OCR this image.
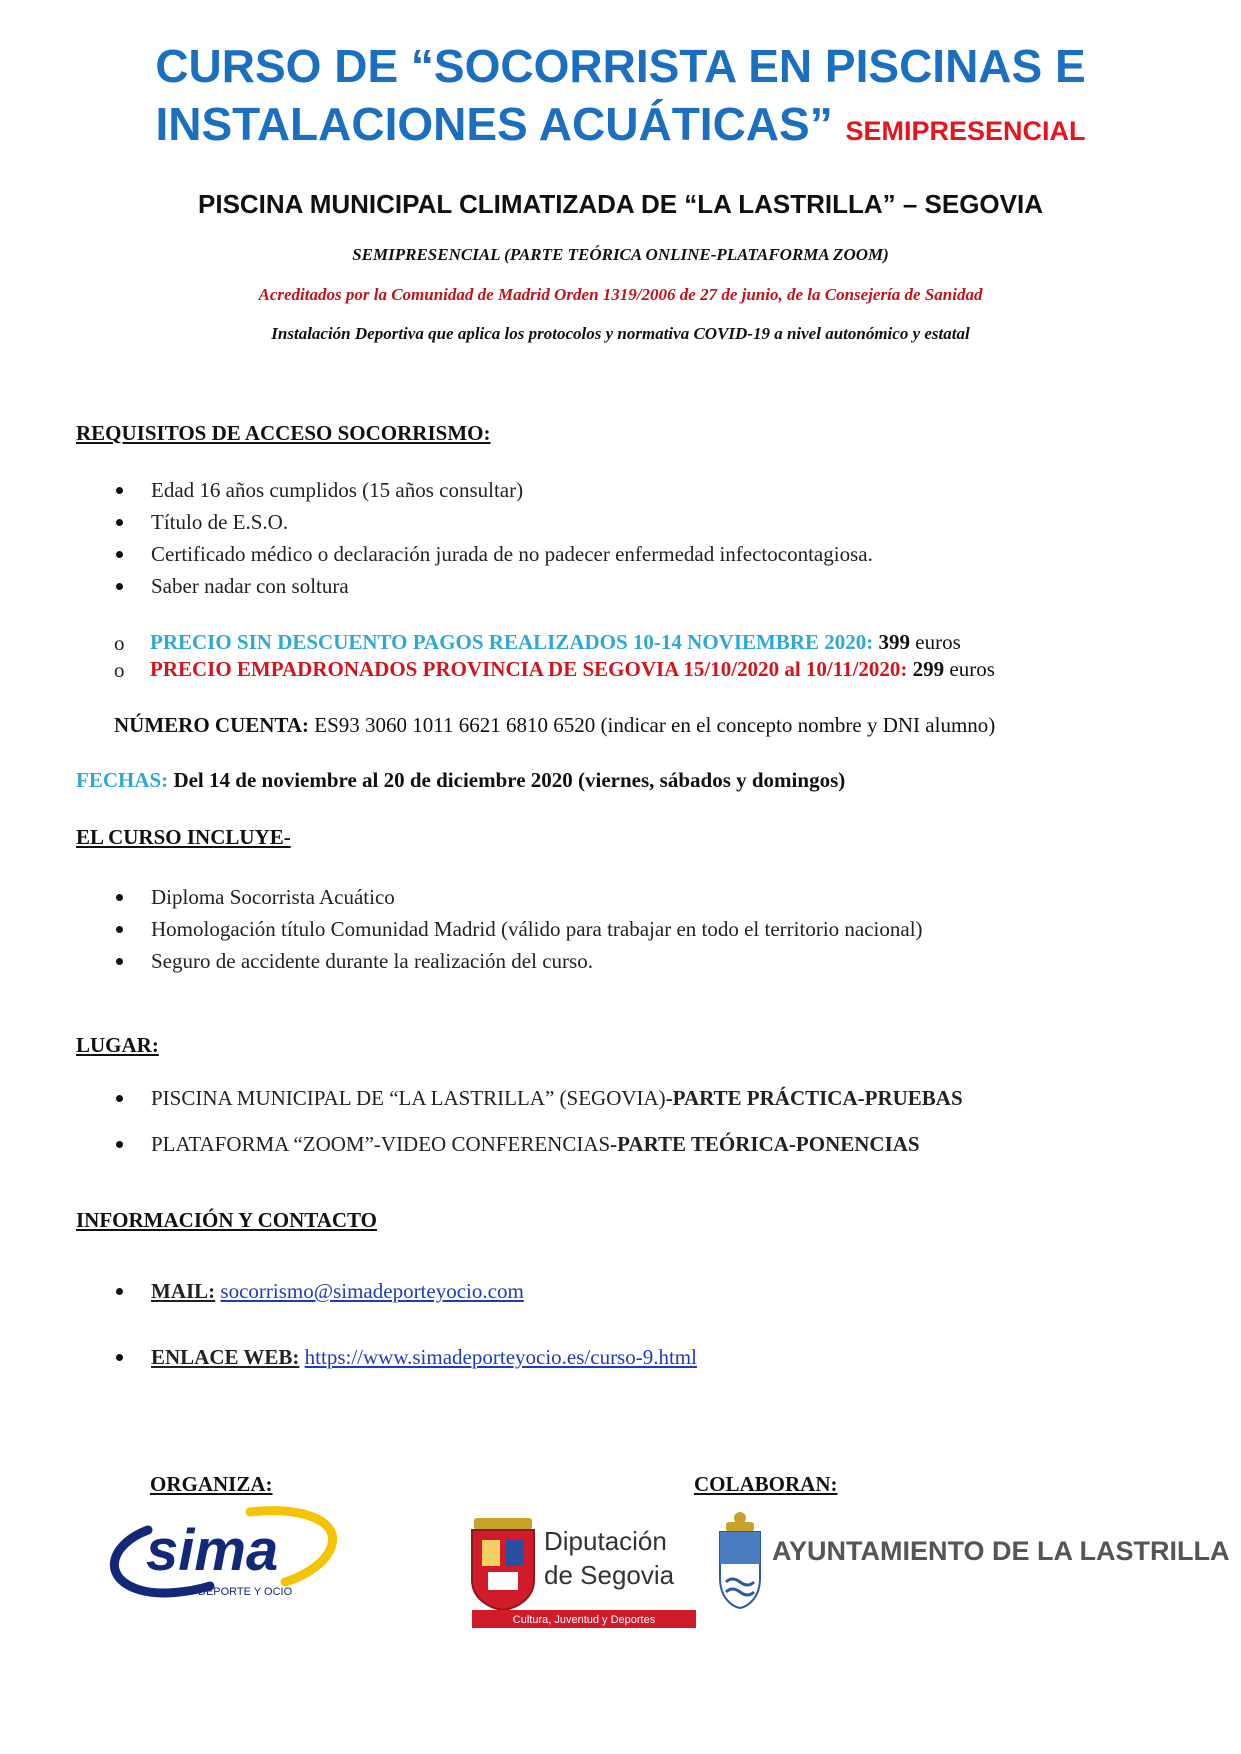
CURSO DE “SOCORRISTA EN PISCINAS E
INSTALACIONES ACUÁTICAS” SEMIPRESENCIAL
PISCINA MUNICIPAL CLIMATIZADA DE “LA LASTRILLA” – SEGOVIA
SEMIPRESENCIAL (PARTE TEÓRICA ONLINE-PLATAFORMA ZOOM)
Acreditados por la Comunidad de Madrid Orden 1319/2006 de 27 de junio, de la Consejería de Sanidad
Instalación Deportiva que aplica los protocolos y normativa COVID-19 a nivel autonómico y estatal
REQUISITOS DE ACCESO SOCORRISMO:
Edad 16 años cumplidos (15 años consultar)
Título de E.S.O.
Certificado médico o declaración jurada de no padecer enfermedad infectocontagiosa.
Saber nadar con soltura
o PRECIO SIN DESCUENTO PAGOS REALIZADOS 10-14 NOVIEMBRE 2020: 399 euros
o PRECIO EMPADRONADOS PROVINCIA DE SEGOVIA 15/10/2020 al 10/11/2020: 299 euros
NÚMERO CUENTA: ES93 3060 1011 6621 6810 6520 (indicar en el concepto nombre y DNI alumno)
FECHAS: Del 14 de noviembre al 20 de diciembre 2020 (viernes, sábados y domingos)
EL CURSO INCLUYE-
Diploma Socorrista Acuático
Homologación título Comunidad Madrid (válido para trabajar en todo el territorio nacional)
Seguro de accidente durante la realización del curso.
LUGAR:
PISCINA MUNICIPAL DE “LA LASTRILLA” (SEGOVIA)-PARTE PRÁCTICA-PRUEBAS
PLATAFORMA “ZOOM”-VIDEO CONFERENCIAS-PARTE TEÓRICA-PONENCIAS
INFORMACIÓN Y CONTACTO
MAIL: socorrismo@simadeporteyocio.com
ENLACE WEB: https://www.simadeporteyocio.es/curso-9.html
ORGANIZA:	COLABORAN:
sima
DEPORTE Y OCIO
Diputación
de Segovia
Cultura, Juventud y Deportes
AYUNTAMIENTO DE LA LASTRILLA
